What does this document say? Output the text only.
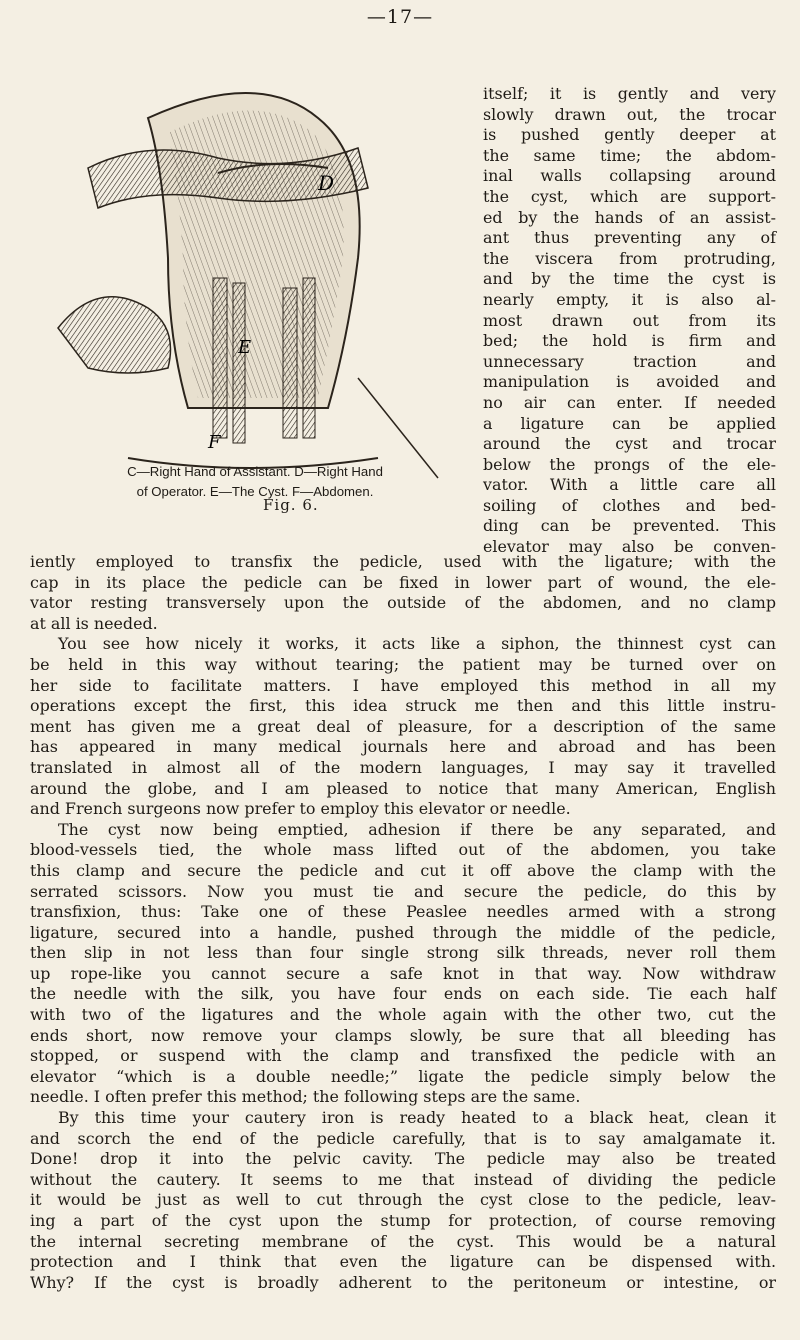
—17—
D
E
F
Fig. 6.
C—Right Hand of Assistant. D—Right Hand
of Operator. E—The Cyst. F—Abdomen.
itself; it is gently and very
slowly drawn out, the trocar
is pushed gently deeper at
the same time; the abdom-
inal walls collapsing around
the cyst, which are support-
ed by the hands of an assist-
ant thus preventing any of
the viscera from protruding,
and by the time the cyst is
nearly empty, it is also al-
most drawn out from its
bed; the hold is firm and
unnecessary traction and
manipulation is avoided and
no air can enter. If needed
a ligature can be applied
around the cyst and trocar
below the prongs of the ele-
vator. With a little care all
soiling of clothes and bed-
ding can be prevented. This
elevator may also be conven-
iently employed to transfix the pedicle, used with the ligature; with the
cap in its place the pedicle can be fixed in lower part of wound, the ele-
vator resting transversely upon the outside of the abdomen, and no clamp
at all is needed.
You see how nicely it works, it acts like a siphon, the thinnest cyst can
be held in this way without tearing; the patient may be turned over on
her side to facilitate matters. I have employed this method in all my
operations except the first, this idea struck me then and this little instru-
ment has given me a great deal of pleasure, for a description of the same
has appeared in many medical journals here and abroad and has been
translated in almost all of the modern languages, I may say it travelled
around the globe, and I am pleased to notice that many American, English
and French surgeons now prefer to employ this elevator or needle.
The cyst now being emptied, adhesion if there be any separated, and
blood-vessels tied, the whole mass lifted out of the abdomen, you take
this clamp and secure the pedicle and cut it off above the clamp with the
serrated scissors. Now you must tie and secure the pedicle, do this by
transfixion, thus: Take one of these Peaslee needles armed with a strong
ligature, secured into a handle, pushed through the middle of the pedicle,
then slip in not less than four single strong silk threads, never roll them
up rope-like you cannot secure a safe knot in that way. Now withdraw
the needle with the silk, you have four ends on each side. Tie each half
with two of the ligatures and the whole again with the other two, cut the
ends short, now remove your clamps slowly, be sure that all bleeding has
stopped, or suspend with the clamp and transfixed the pedicle with an
elevator “which is a double needle;” ligate the pedicle simply below the
needle. I often prefer this method; the following steps are the same.
By this time your cautery iron is ready heated to a black heat, clean it
and scorch the end of the pedicle carefully, that is to say amalgamate it.
Done! drop it into the pelvic cavity. The pedicle may also be treated
without the cautery. It seems to me that instead of dividing the pedicle
it would be just as well to cut through the cyst close to the pedicle, leav-
ing a part of the cyst upon the stump for protection, of course removing
the internal secreting membrane of the cyst. This would be a natural
protection and I think that even the ligature can be dispensed with.
Why? If the cyst is broadly adherent to the peritoneum or intestine, or
